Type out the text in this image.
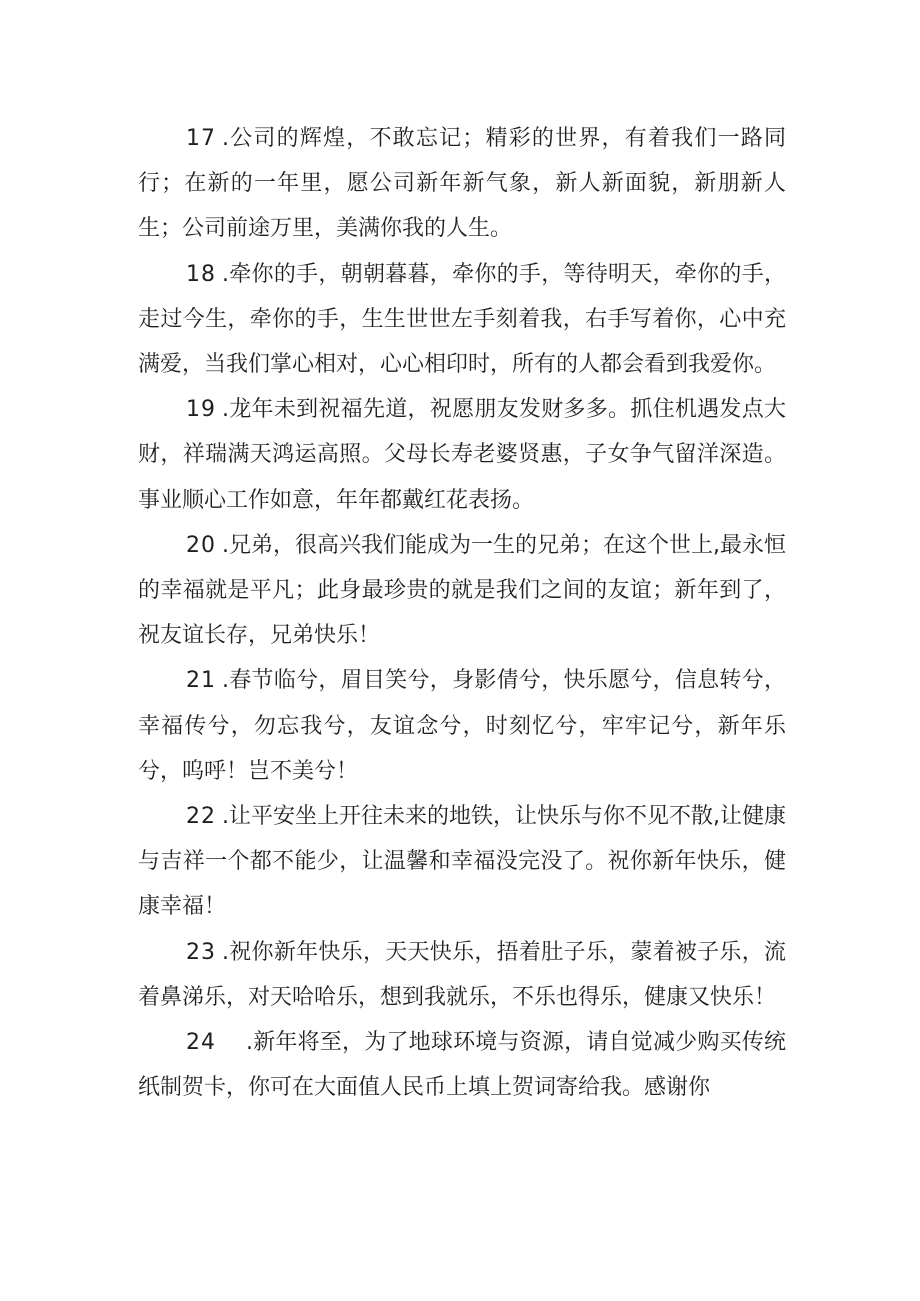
17 .公司的辉煌，不敢忘记；精彩的世界，有着我们一路同行；在新的一年里，愿公司新年新气象，新人新面貌，新朋新人生；公司前途万里，美满你我的人生。

18 .牵你的手，朝朝暮暮，牵你的手，等待明天，牵你的手，走过今生，牵你的手，生生世世左手刻着我，右手写着你，心中充满爱，当我们掌心相对，心心相印时，所有的人都会看到我爱你。

19 .龙年未到祝福先道，祝愿朋友发财多多。抓住机遇发点大财，祥瑞满天鸿运高照。父母长寿老婆贤惠，子女争气留洋深造。事业顺心工作如意，年年都戴红花表扬。

20 .兄弟，很高兴我们能成为一生的兄弟；在这个世上,最永恒的幸福就是平凡；此身最珍贵的就是我们之间的友谊；新年到了，祝友谊长存，兄弟快乐！

21 .春节临兮，眉目笑兮，身影倩兮，快乐愿兮，信息转兮，幸福传兮，勿忘我兮，友谊念兮，时刻忆兮，牢牢记兮，新年乐兮，呜呼！岂不美兮！

22 .让平安坐上开往未来的地铁，让快乐与你不见不散,让健康与吉祥一个都不能少，让温馨和幸福没完没了。祝你新年快乐，健康幸福！

23 .祝你新年快乐，天天快乐，捂着肚子乐，蒙着被子乐，流着鼻涕乐，对天哈哈乐，想到我就乐，不乐也得乐，健康又快乐！

24 .新年将至，为了地球环境与资源，请自觉减少购买传统纸制贺卡，你可在大面值人民币上填上贺词寄给我。感谢你
